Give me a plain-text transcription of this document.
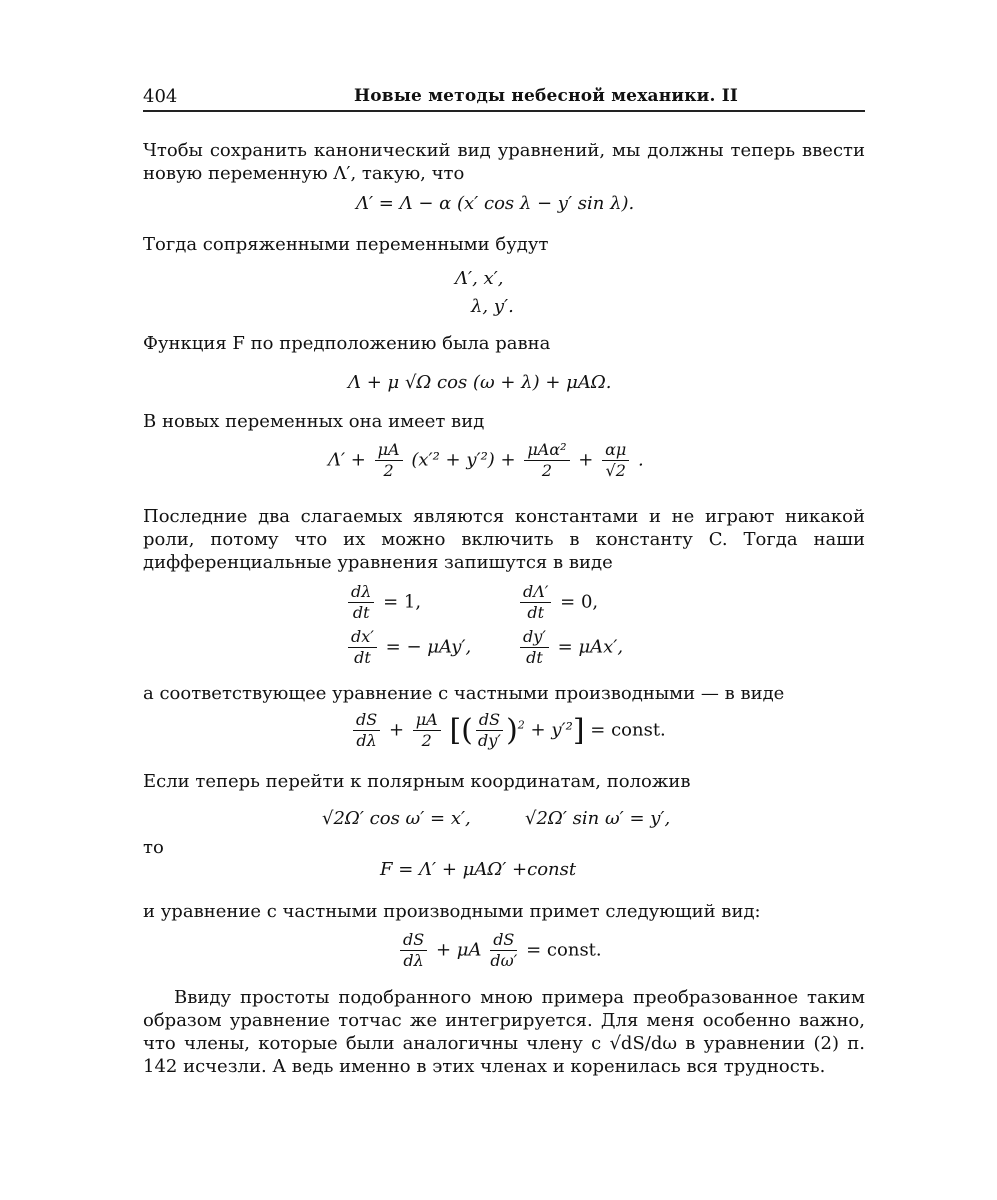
404	Новые методы небесной механики. II
Чтобы сохранить канонический вид уравнений, мы должны теперь ввести новую переменную Λ′, такую, что
Λ′ = Λ − α (x′ cos λ − y′ sin λ).
Тогда сопряженными переменными будут
Λ′, x′,
λ, y′.
Функция F по предположению была равна
Λ + μ √Ω cos (ω + λ) + μAΩ.
В новых переменных она имеет вид
$\Lambda' + \frac{\mu A}{2} (x'^2 + y'^2) + \frac{\text{μAα²}}{2} + \frac{\alpha\mu}{√2}$ .
Последние два слагаемых являются константами и не играют никакой роли, потому что их можно включить в константу C. Тогда наши дифференциальные уравнения запишутся в виде
$\frac{d\lambda}{dt} = 1$,	$\frac{d\Lambda'}{dt} = 0$,
$\frac{dx'}{dt}$ = − μAy′,	$\frac{dy'}{dt} = \mu Ax'$,
а соответствующее уравнение с частными производными — в виде
$\frac{dS}{d\lambda} + \frac{\mu A}{2}$ [( $\frac{dS}{dy'} )^2 + y'^2$] = const.
Если теперь перейти к полярным координатам, положив
√2Ω′ cos ω′ = x′,	√2Ω′ sin ω′ = y′,
то
F = Λ′ + μAΩ′ +const
и уравнение с частными производными примет следующий вид:
$\frac{dS}{d\lambda} + \mu A \frac{dS}{d\omega'}$ = const.
Ввиду простоты подобранного мною примера преобразованное таким образом уравнение тотчас же интегрируется. Для меня особенно важно, что члены, которые были аналогичны члену с √dS/dω в уравнении (2) п. 142 исчезли. А ведь именно в этих членах и коренилась вся трудность.
